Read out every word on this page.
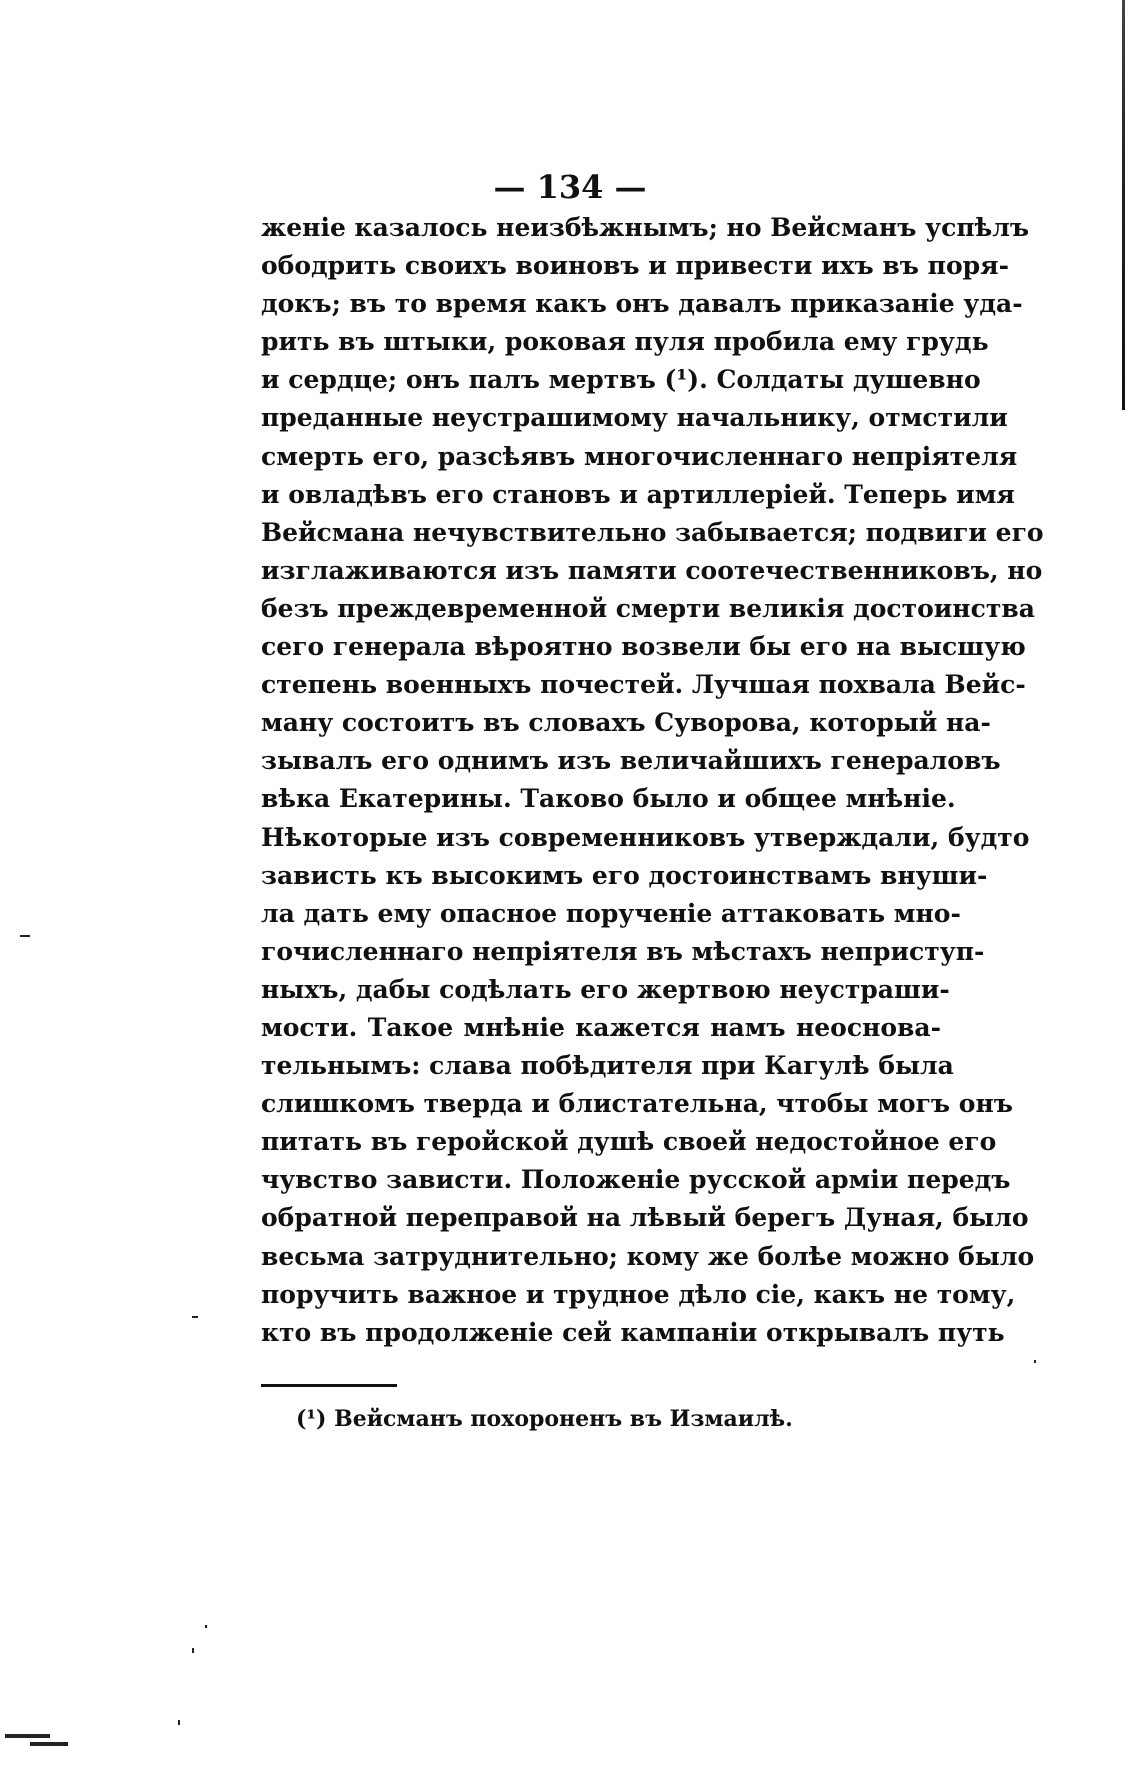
— 134 —
женіе казалось неизбѣжнымъ; но Вейсманъ успѣлъ
ободрить своихъ воиновъ и привести ихъ въ поря-
докъ; въ то время какъ онъ давалъ приказаніе уда-
рить въ штыки, роковая пуля пробила ему грудь
и сердце; онъ палъ мертвъ (¹). Солдаты душевно
преданные неустрашимому начальнику, отмстили
смерть его, разсѣявъ многочисленнаго непріятеля
и овладѣвъ его становъ и артиллеріей. Теперь имя
Вейсмана нечувствительно забывается; подвиги его
изглаживаются изъ памяти соотечественниковъ, но
безъ преждевременной смерти великія достоинства
сего генерала вѣроятно возвели бы его на высшую
степень военныхъ почестей. Лучшая похвала Вейс-
ману состоитъ въ словахъ Суворова, который на-
зывалъ его однимъ изъ величайшихъ генераловъ
вѣка Екатерины. Таково было и общее мнѣніе.
Нѣкоторые изъ современниковъ утверждали, будто
зависть къ высокимъ его достоинствамъ внуши-
ла дать ему опасное порученіе аттаковать мно-
гочисленнаго непріятеля въ мѣстахъ неприступ-
ныхъ, дабы содѣлать его жертвою неустраши-
мости. Такое мнѣніе кажется намъ неоснова-
тельнымъ: слава побѣдителя при Кагулѣ была
слишкомъ тверда и блистательна, чтобы могъ онъ
питать въ геройской душѣ своей недостойное его
чувство зависти. Положеніе русской арміи передъ
обратной переправой на лѣвый берегъ Дуная, было
весьма затруднительно; кому же болѣе можно было
поручить важное и трудное дѣло сіе, какъ не тому,
кто въ продолженіе сей кампаніи открывалъ путь
(¹) Вейсманъ похороненъ въ Измаилѣ.
